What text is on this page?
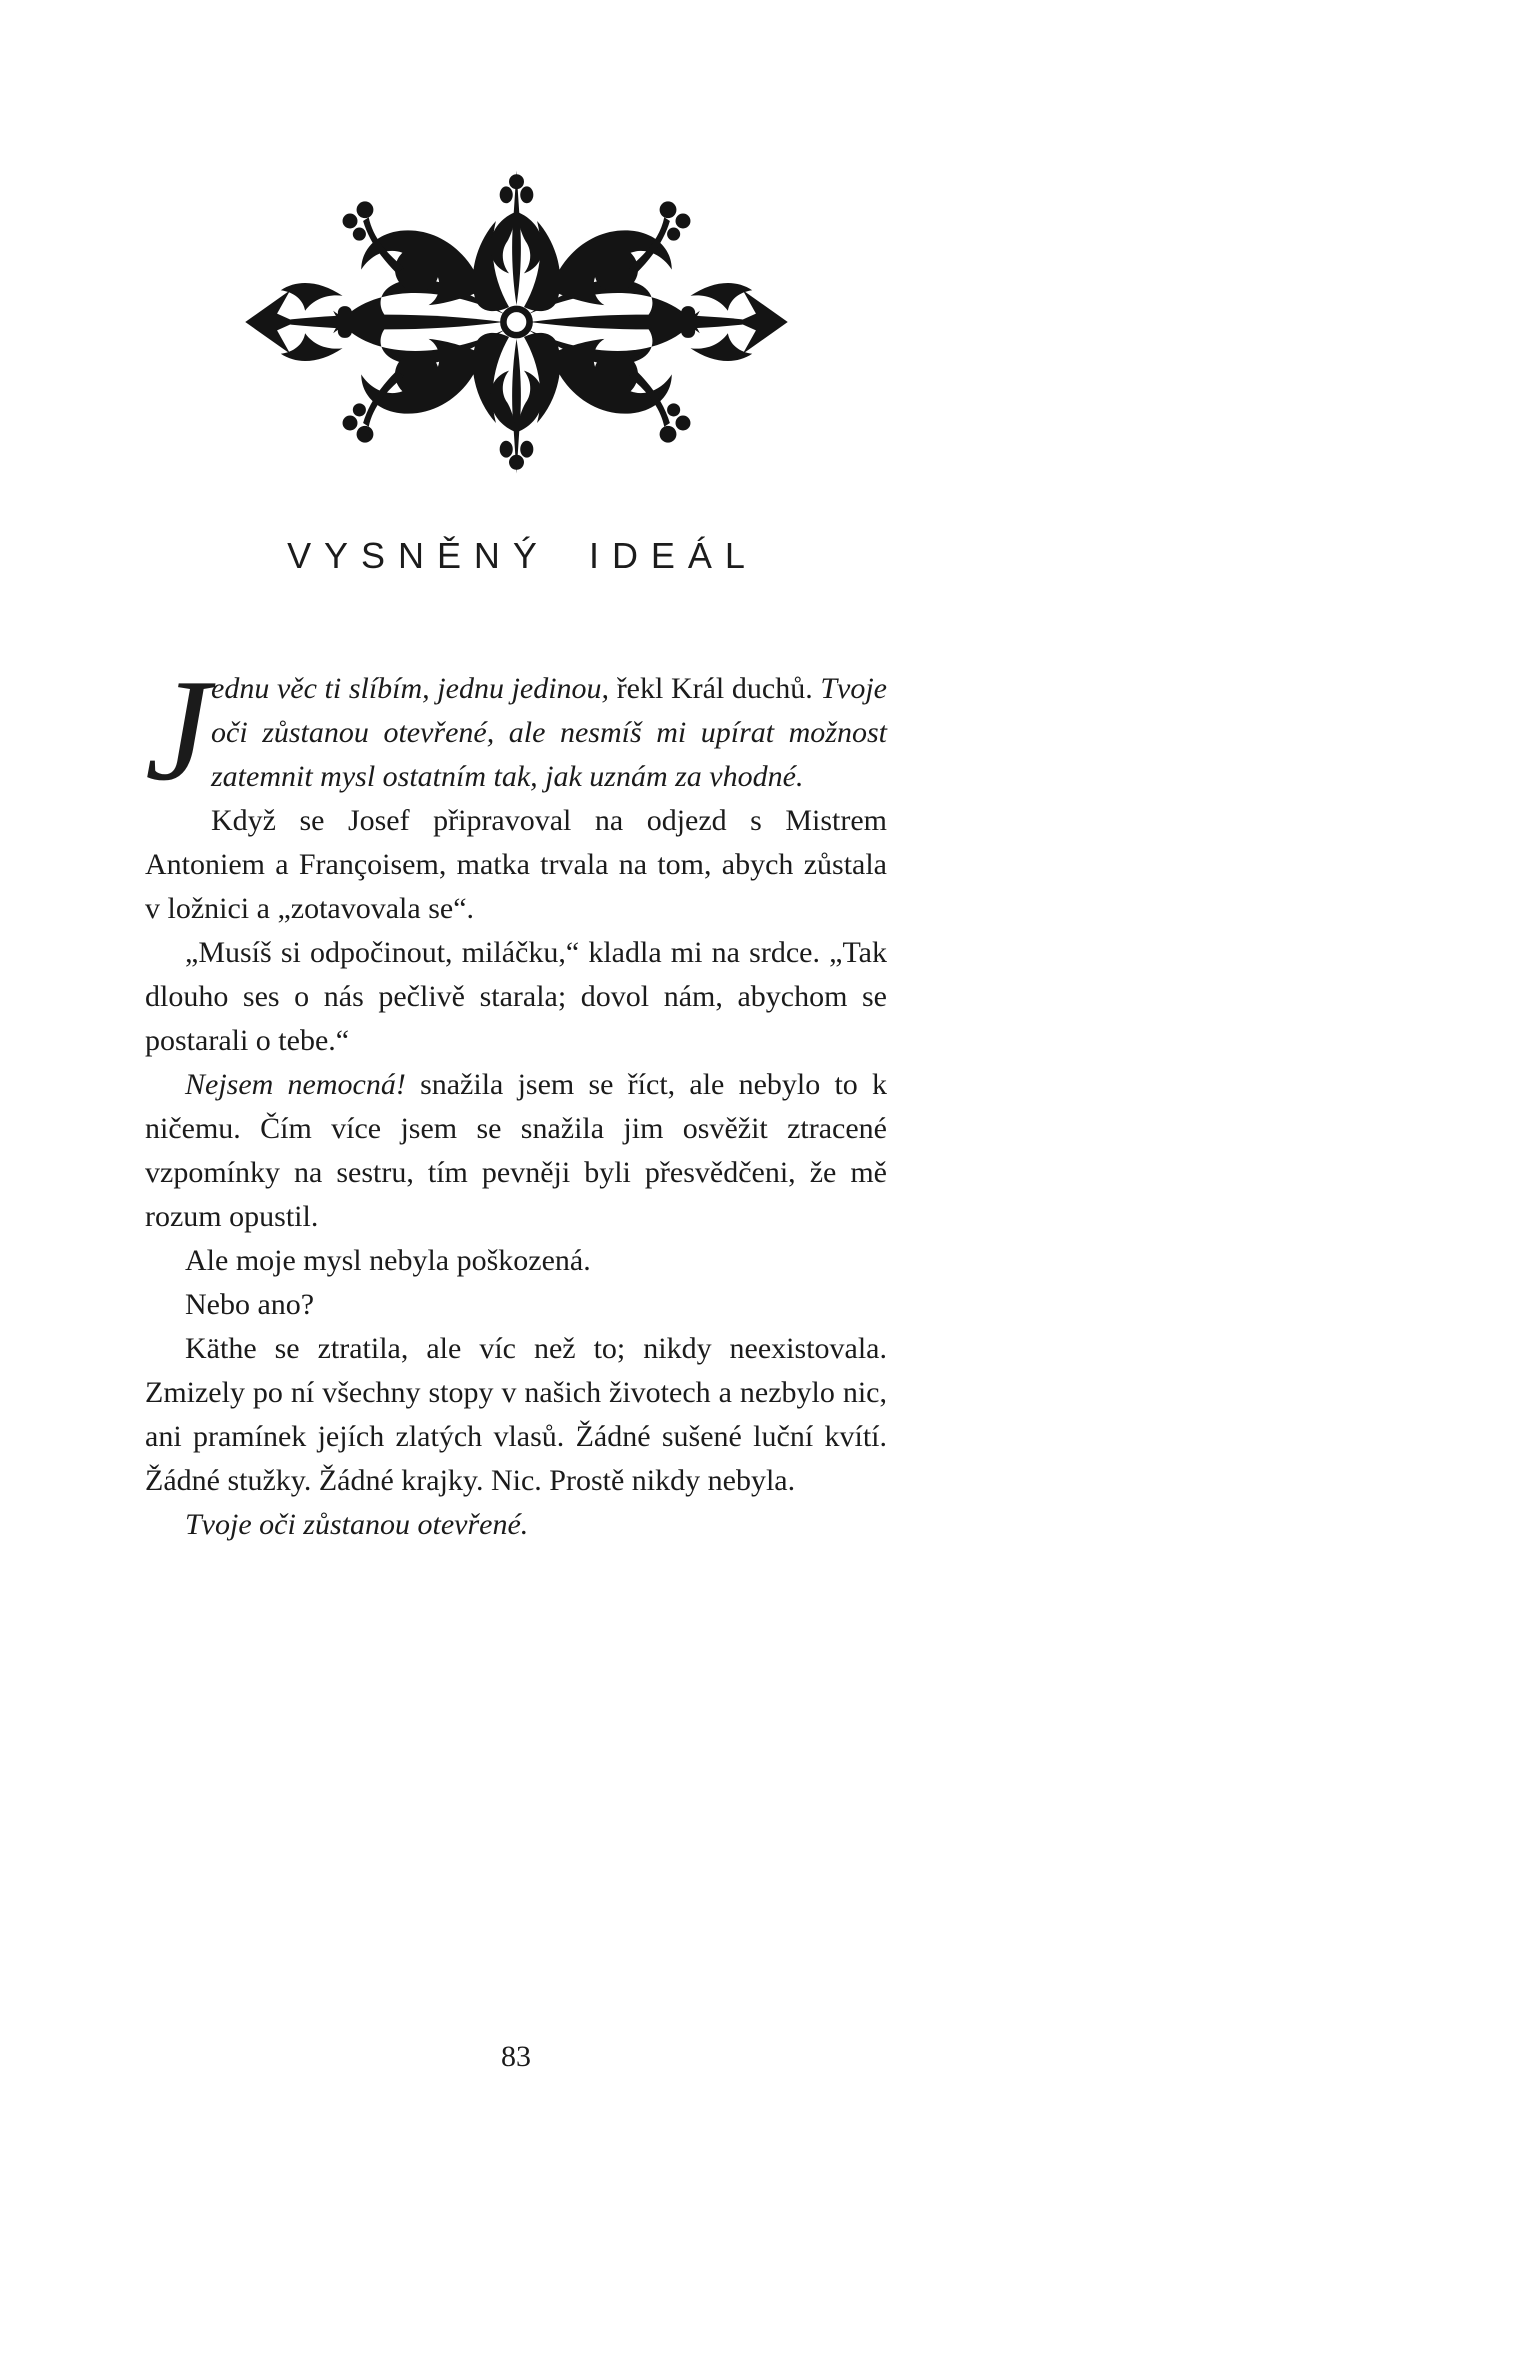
VYSNĚNÝ IDEÁL

Jednu věc ti slíbím, jednu jedinou, řekl Král duchů. Tvoje oči zůstanou otevřené, ale nesmíš mi upírat možnost zatemnit mysl ostatním tak, jak uznám za vhodné.

Když se Josef připravoval na odjezd s Mistrem Antoniem a Françoisem, matka trvala na tom, abych zůstala v ložnici a „zotavovala se“.

„Musíš si odpočinout, miláčku,“ kladla mi na srdce. „Tak dlouho ses o nás pečlivě starala; dovol nám, abychom se postarali o tebe.“

Nejsem nemocná! snažila jsem se říct, ale nebylo to k ničemu. Čím více jsem se snažila jim osvěžit ztracené vzpomínky na sestru, tím pevněji byli přesvědčeni, že mě rozum opustil.

Ale moje mysl nebyla poškozená.

Nebo ano?

Käthe se ztratila, ale víc než to; nikdy neexistovala. Zmizely po ní všechny stopy v našich životech a nezbylo nic, ani pramínek jejích zlatých vlasů. Žádné sušené luční kvítí. Žádné stužky. Žádné krajky. Nic. Prostě nikdy nebyla.

Tvoje oči zůstanou otevřené.

83
